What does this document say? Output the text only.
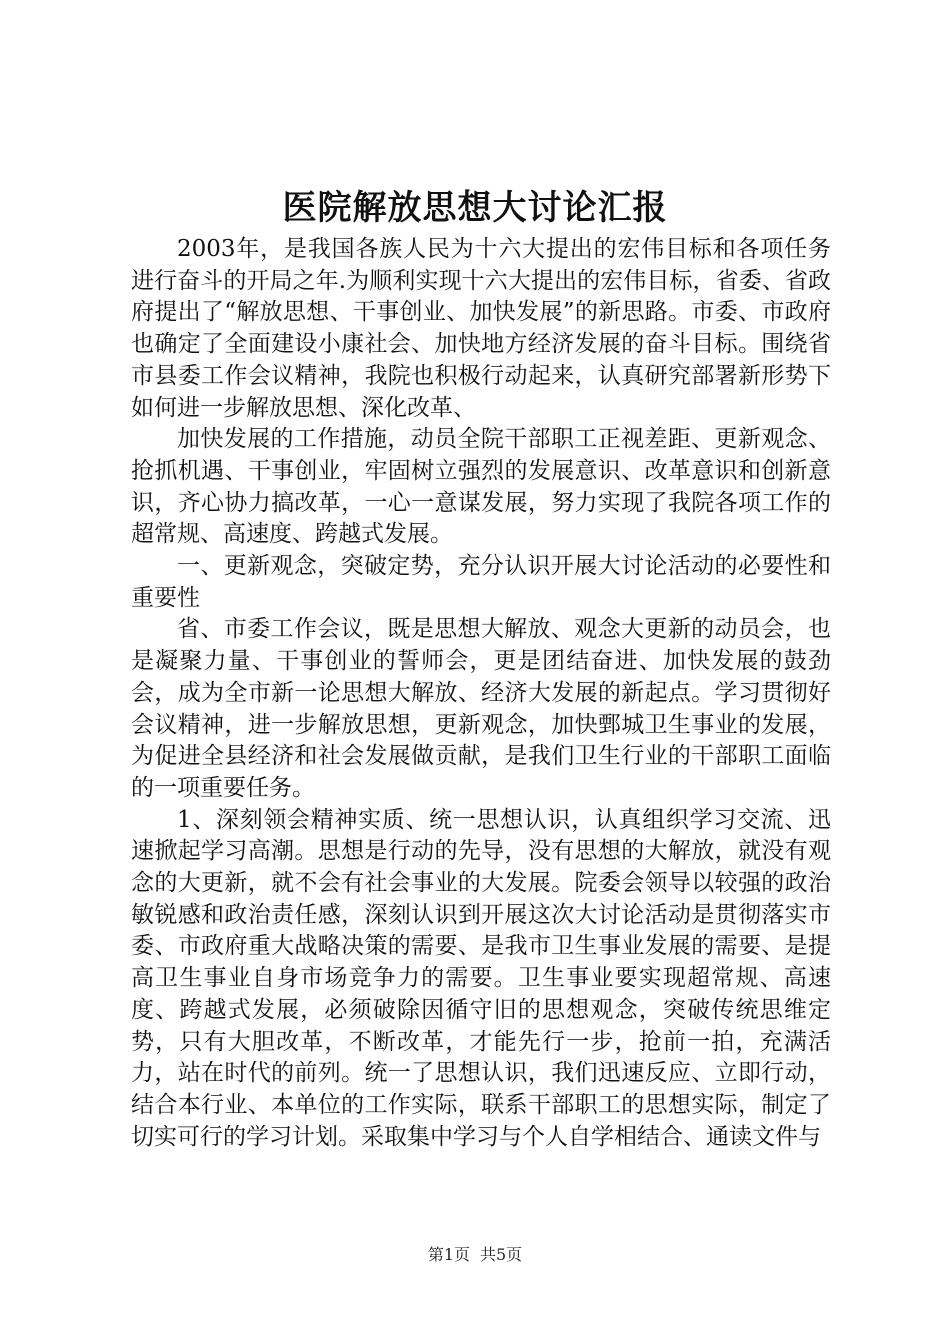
医院解放思想大讨论汇报

2003年，是我国各族人民为十六大提出的宏伟目标和各项任务进行奋斗的开局之年.为顺利实现十六大提出的宏伟目标，省委、省政府提出了“解放思想、干事创业、加快发展”的新思路。市委、市政府也确定了全面建设小康社会、加快地方经济发展的奋斗目标。围绕省市县委工作会议精神，我院也积极行动起来，认真研究部署新形势下如何进一步解放思想、深化改革、

加快发展的工作措施，动员全院干部职工正视差距、更新观念、抢抓机遇、干事创业，牢固树立强烈的发展意识、改革意识和创新意识，齐心协力搞改革，一心一意谋发展，努力实现了我院各项工作的超常规、高速度、跨越式发展。

一、更新观念，突破定势，充分认识开展大讨论活动的必要性和重要性

省、市委工作会议，既是思想大解放、观念大更新的动员会，也是凝聚力量、干事创业的誓师会，更是团结奋进、加快发展的鼓劲会，成为全市新一论思想大解放、经济大发展的新起点。学习贯彻好会议精神，进一步解放思想，更新观念，加快鄄城卫生事业的发展，为促进全县经济和社会发展做贡献，是我们卫生行业的干部职工面临的一项重要任务。

1、深刻领会精神实质、统一思想认识，认真组织学习交流、迅速掀起学习高潮。思想是行动的先导，没有思想的大解放，就没有观念的大更新，就不会有社会事业的大发展。院委会领导以较强的政治敏锐感和政治责任感，深刻认识到开展这次大讨论活动是贯彻落实市委、市政府重大战略决策的需要、是我市卫生事业发展的需要、是提高卫生事业自身市场竞争力的需要。卫生事业要实现超常规、高速度、跨越式发展，必须破除因循守旧的思想观念，突破传统思维定势，只有大胆改革，不断改革，才能先行一步，抢前一拍，充满活力，站在时代的前列。统一了思想认识，我们迅速反应、立即行动，结合本行业、本单位的工作实际，联系干部职工的思想实际，制定了切实可行的学习计划。采取集中学习与个人自学相结合、通读文件与

第1页 共5页
